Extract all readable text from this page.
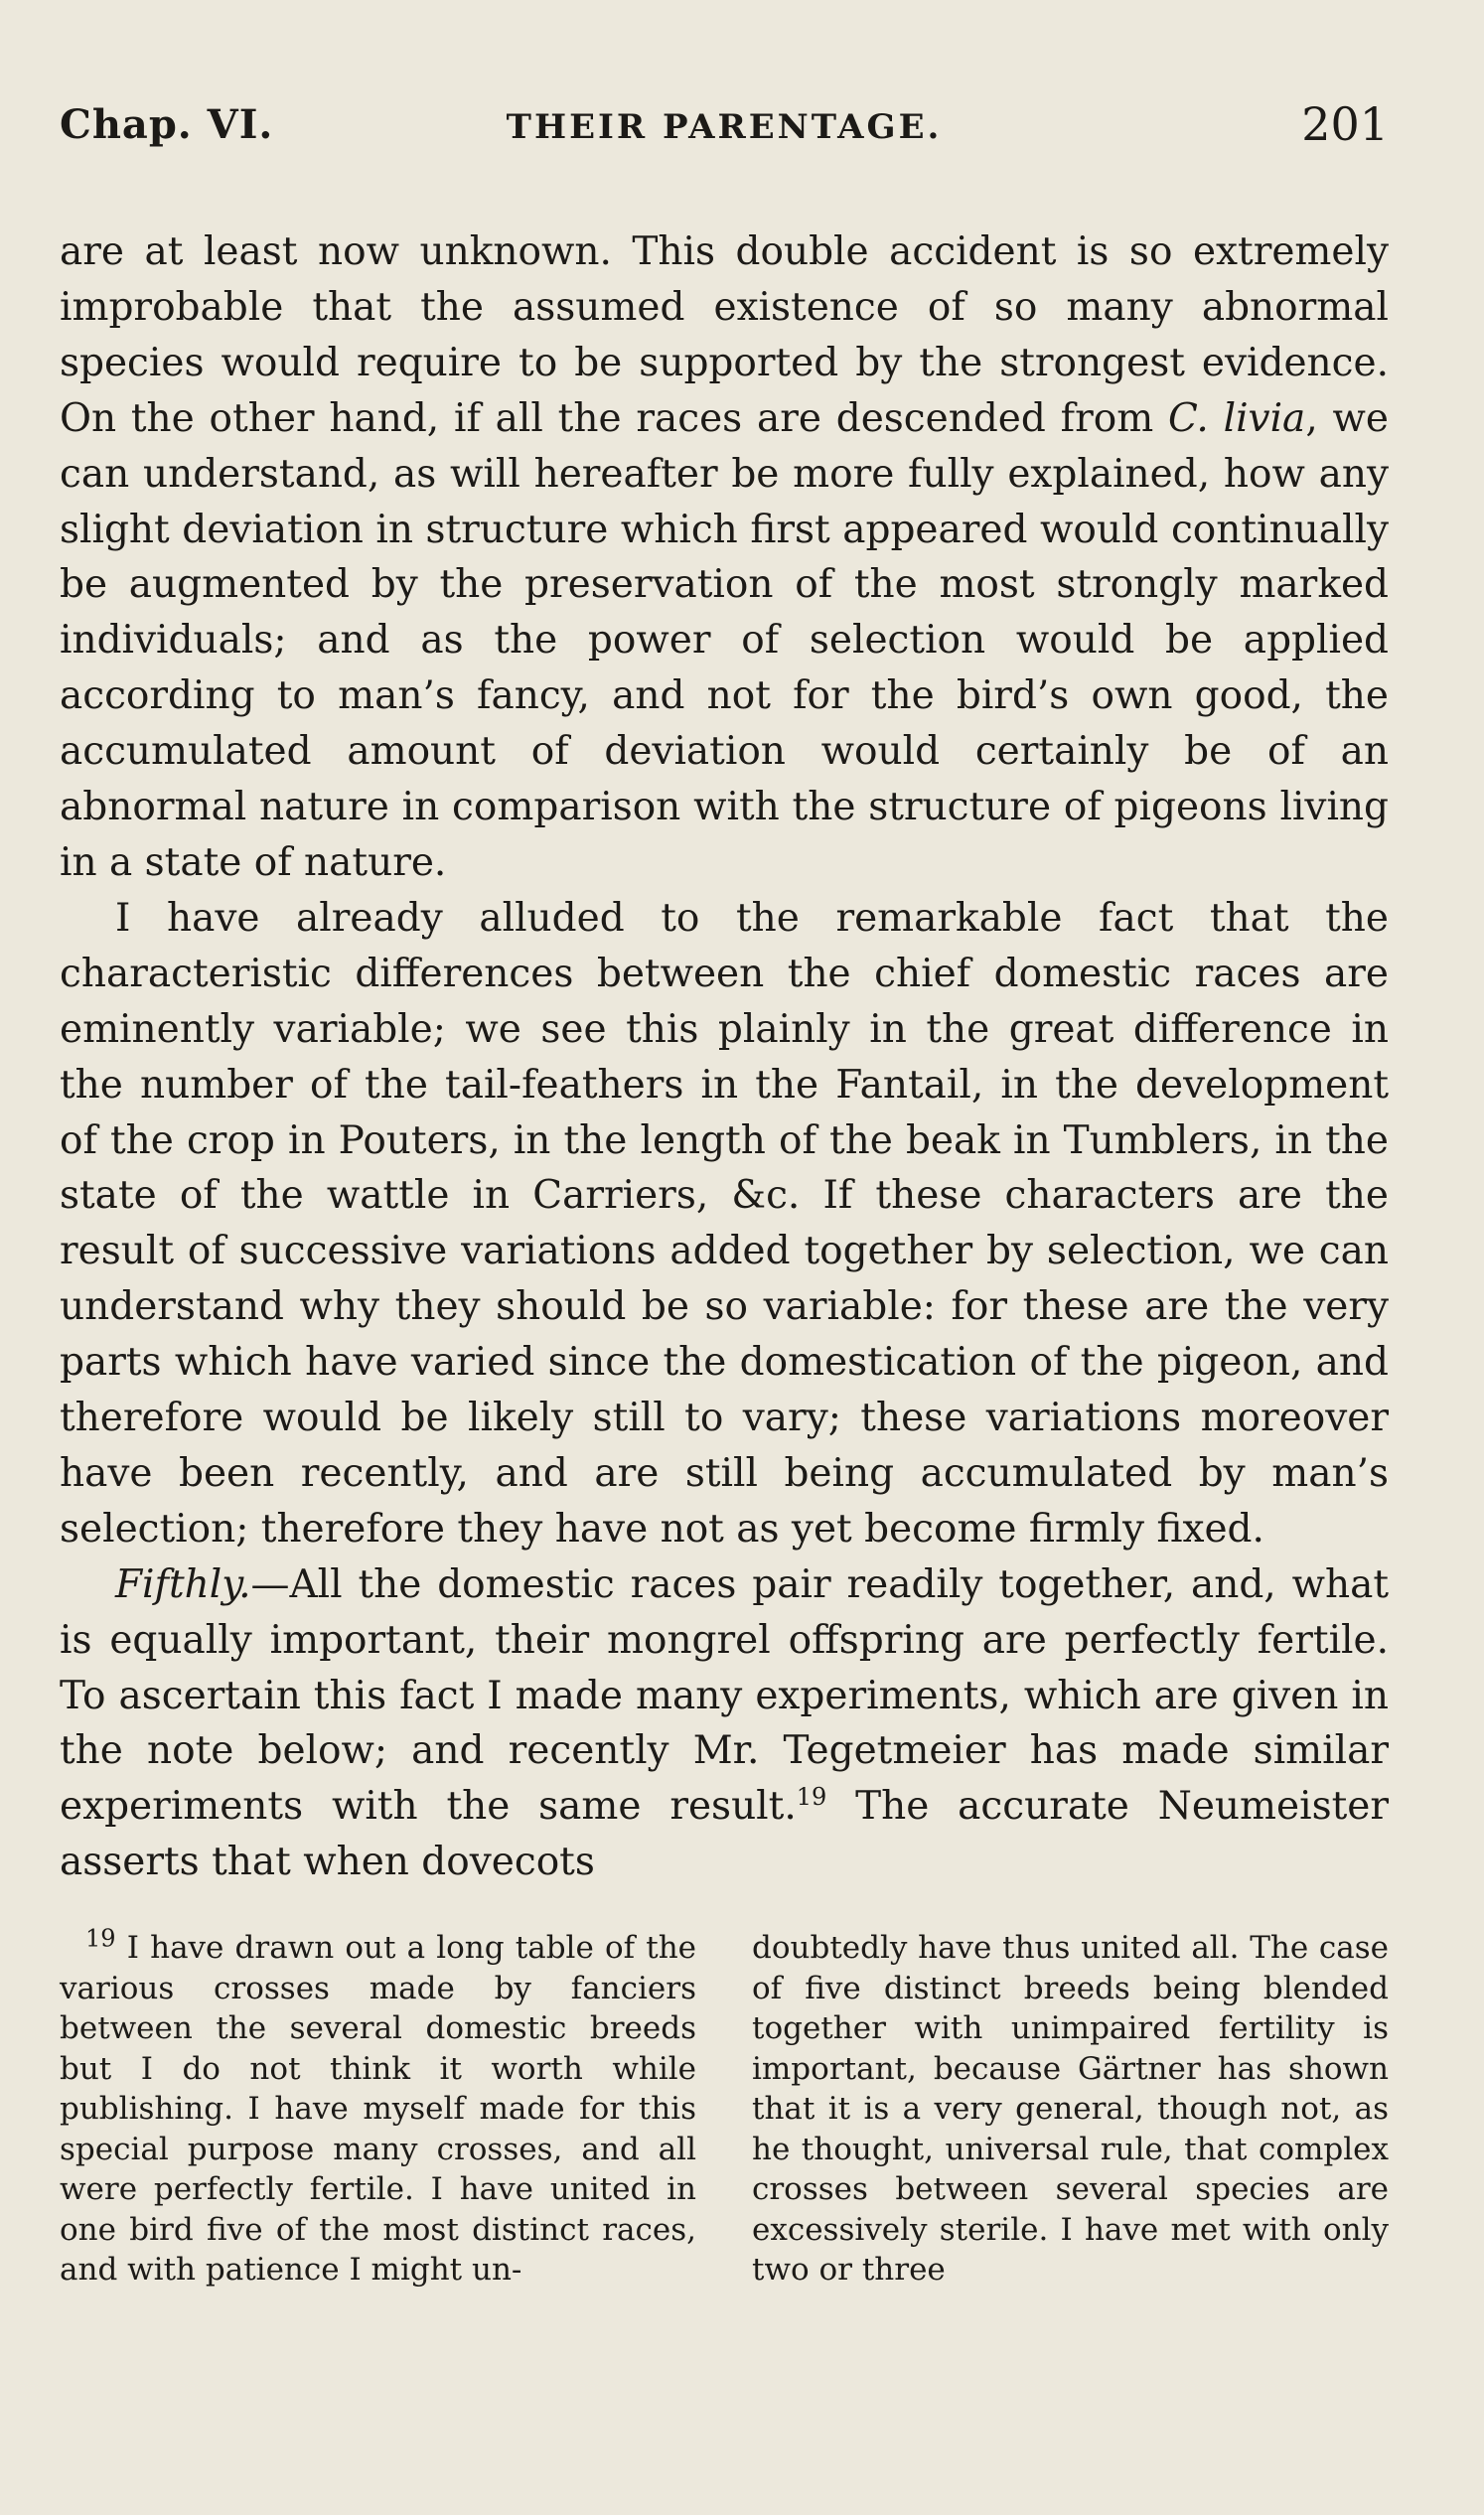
Chap. VI.	THEIR PARENTAGE.	201

are at least now unknown. This double accident is so extremely improbable that the assumed existence of so many abnormal species would require to be supported by the strongest evidence. On the other hand, if all the races are descended from C. livia, we can understand, as will hereafter be more fully explained, how any slight deviation in structure which first appeared would continually be augmented by the preservation of the most strongly marked individuals; and as the power of selection would be applied according to man’s fancy, and not for the bird’s own good, the accumulated amount of deviation would certainly be of an abnormal nature in comparison with the structure of pigeons living in a state of nature.

I have already alluded to the remarkable fact that the characteristic differences between the chief domestic races are eminently variable; we see this plainly in the great difference in the number of the tail-feathers in the Fantail, in the development of the crop in Pouters, in the length of the beak in Tumblers, in the state of the wattle in Carriers, &c. If these characters are the result of successive variations added together by selection, we can understand why they should be so variable: for these are the very parts which have varied since the domestication of the pigeon, and therefore would be likely still to vary; these variations moreover have been recently, and are still being accumulated by man’s selection; therefore they have not as yet become firmly fixed.

Fifthly.—All the domestic races pair readily together, and, what is equally important, their mongrel offspring are perfectly fertile. To ascertain this fact I made many experiments, which are given in the note below; and recently Mr. Tegetmeier has made similar experiments with the same result.$^{19}$ The accurate Neumeister asserts that when dovecots

$^{19}$ I have drawn out a long table of the various crosses made by fanciers between the several domestic breeds but I do not think it worth while publishing. I have myself made for this special purpose many crosses, and all were perfectly fertile. I have united in one bird five of the most distinct races, and with patience I might un-

doubtedly have thus united all. The case of five distinct breeds being blended together with unimpaired fertility is important, because Gärtner has shown that it is a very general, though not, as he thought, universal rule, that complex crosses between several species are excessively sterile. I have met with only two or three
